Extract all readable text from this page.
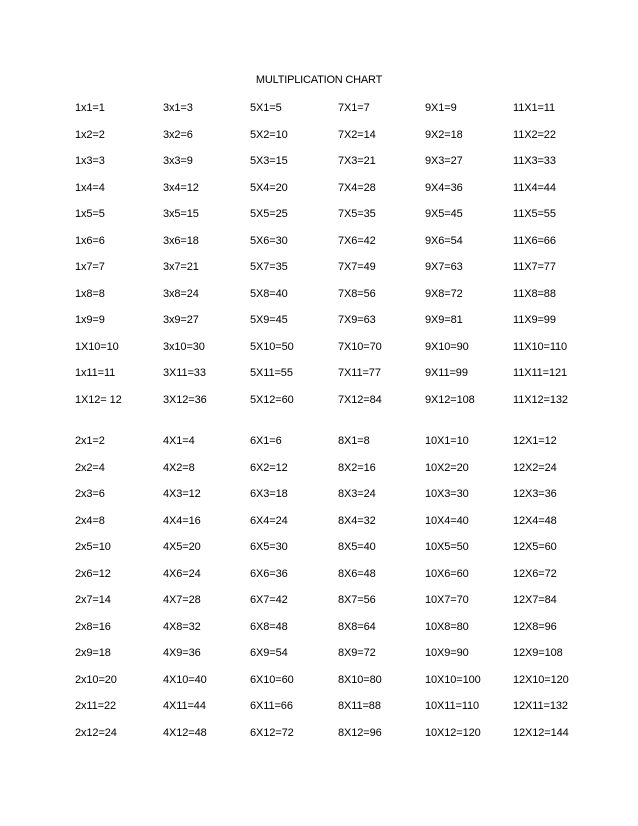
MULTIPLICATION CHART
1x1=1	3x1=3	5X1=5	7X1=7	9X1=9	11X1=11
1x2=2	3x2=6	5X2=10	7X2=14	9X2=18	11X2=22
1x3=3	3x3=9	5X3=15	7X3=21	9X3=27	11X3=33
1x4=4	3x4=12	5X4=20	7X4=28	9X4=36	11X4=44
1x5=5	3x5=15	5X5=25	7X5=35	9X5=45	11X5=55
1x6=6	3x6=18	5X6=30	7X6=42	9X6=54	11X6=66
1x7=7	3x7=21	5X7=35	7X7=49	9X7=63	11X7=77
1x8=8	3x8=24	5X8=40	7X8=56	9X8=72	11X8=88
1x9=9	3x9=27	5X9=45	7X9=63	9X9=81	11X9=99
1X10=10	3x10=30	5X10=50	7X10=70	9X10=90	11X10=110
1x11=11	3X11=33	5X11=55	7X11=77	9X11=99	11X11=121
1X12= 12	3X12=36	5X12=60	7X12=84	9X12=108	11X12=132
2x1=2	4X1=4	6X1=6	8X1=8	10X1=10	12X1=12
2x2=4	4X2=8	6X2=12	8X2=16	10X2=20	12X2=24
2x3=6	4X3=12	6X3=18	8X3=24	10X3=30	12X3=36
2x4=8	4X4=16	6X4=24	8X4=32	10X4=40	12X4=48
2x5=10	4X5=20	6X5=30	8X5=40	10X5=50	12X5=60
2x6=12	4X6=24	6X6=36	8X6=48	10X6=60	12X6=72
2x7=14	4X7=28	6X7=42	8X7=56	10X7=70	12X7=84
2x8=16	4X8=32	6X8=48	8X8=64	10X8=80	12X8=96
2x9=18	4X9=36	6X9=54	8X9=72	10X9=90	12X9=108
2x10=20	4X10=40	6X10=60	8X10=80	10X10=100	12X10=120
2x11=22	4X11=44	6X11=66	8X11=88	10X11=110	12X11=132
2x12=24	4X12=48	6X12=72	8X12=96	10X12=120	12X12=144
